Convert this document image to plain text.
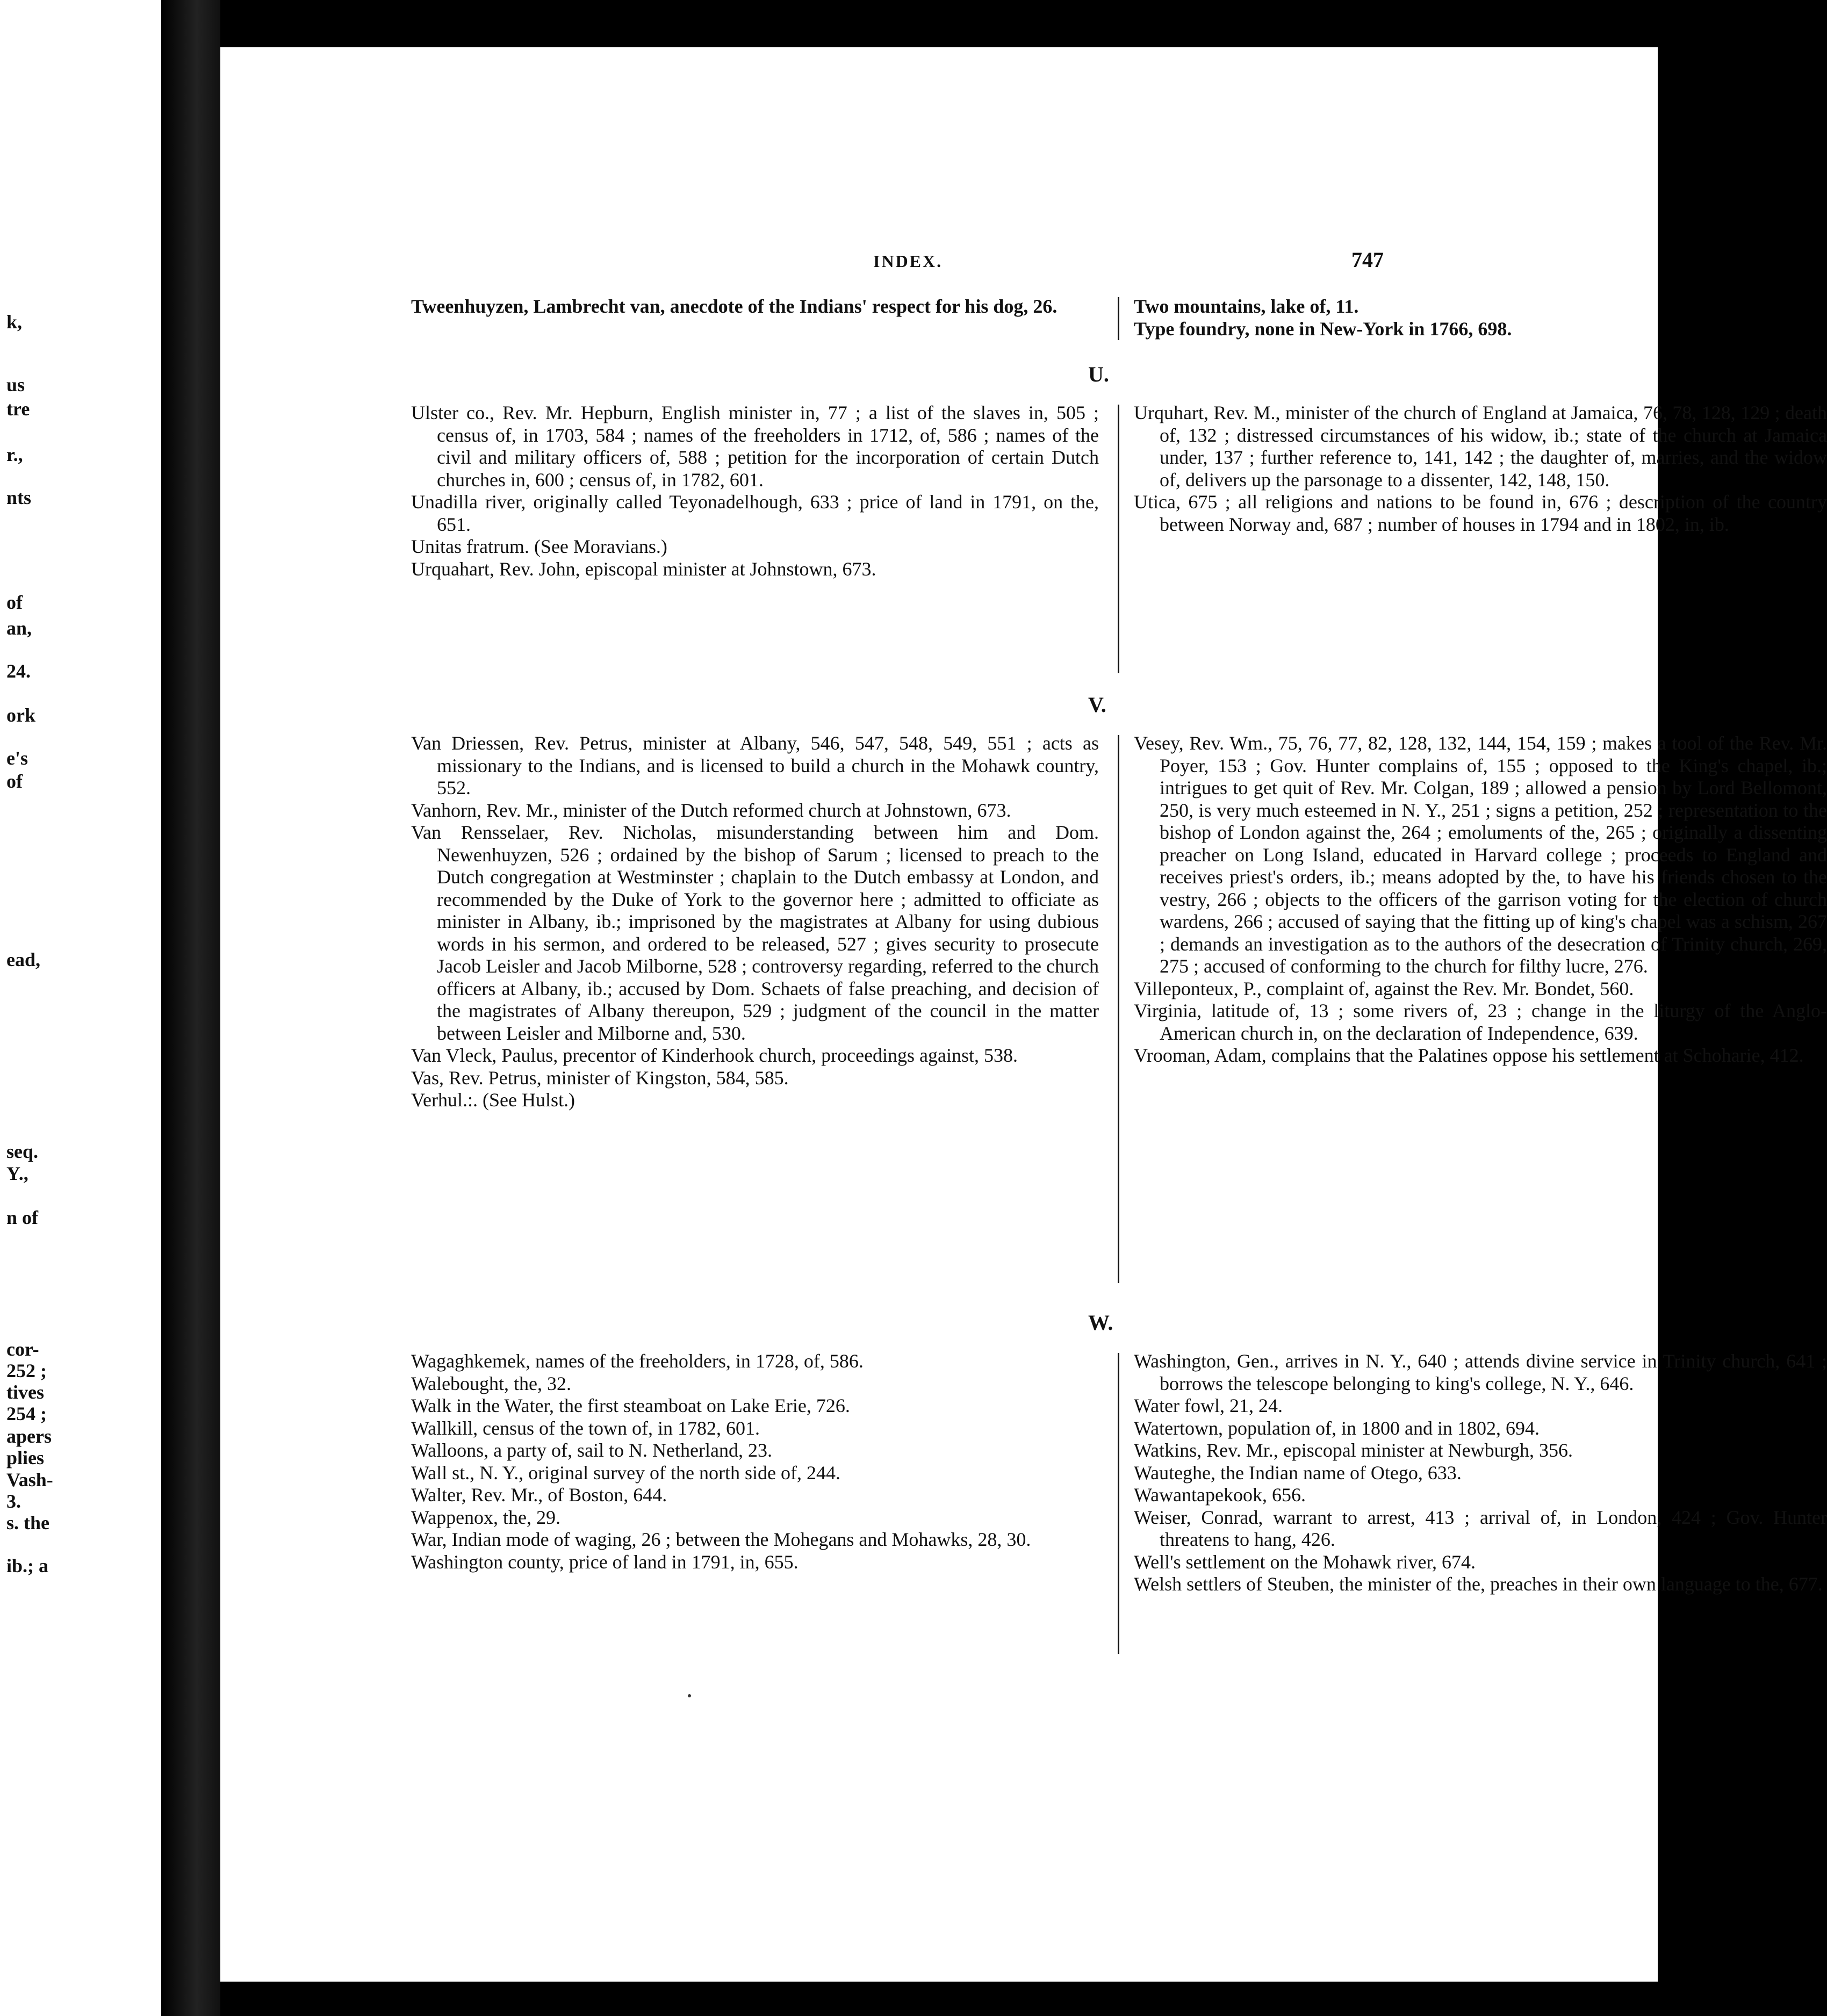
k,
us
tre
r.,
nts
of
an,
24.
ork
e's
of
ead,
seq.
Y.,
n of
cor-
252 ;
tives
254 ;
apers
plies
Vash-
3.
s. the
ib.; a
INDEX.	747

Tweenhuyzen, Lambrecht van, anecdote of the Indians' respect for his dog, 26.	Two mountains, lake of, 11.

Type foundry, none in New-York in 1766, 698.

U.

Ulster co., Rev. Mr. Hepburn, English minister in, 77 ; a list of the slaves in, 505 ; census of, in 1703, 584 ; names of the freeholders in 1712, of, 586 ; names of the civil and military officers of, 588 ; petition for the incorporation of certain Dutch churches in, 600 ; census of, in 1782, 601.

Unadilla river, originally called Teyonadelhough, 633 ; price of land in 1791, on the, 651.

Unitas fratrum. (See Moravians.)

Urquahart, Rev. John, episcopal minister at Johnstown, 673.

Urquhart, Rev. M., minister of the church of England at Jamaica, 76, 78, 128, 129 ; death of, 132 ; distressed circumstances of his widow, ib.; state of the church at Jamaica under, 137 ; further reference to, 141, 142 ; the daughter of, marries, and the widow of, delivers up the parsonage to a dissenter, 142, 148, 150.

Utica, 675 ; all religions and nations to be found in, 676 ; description of the country between Norway and, 687 ; number of houses in 1794 and in 1802, in, ib.

V.

Van Driessen, Rev. Petrus, minister at Albany, 546, 547, 548, 549, 551 ; acts as missionary to the Indians, and is licensed to build a church in the Mohawk country, 552.

Vanhorn, Rev. Mr., minister of the Dutch reformed church at Johnstown, 673.

Van Rensselaer, Rev. Nicholas, misunderstanding between him and Dom. Newenhuyzen, 526 ; ordained by the bishop of Sarum ; licensed to preach to the Dutch congregation at Westminster ; chaplain to the Dutch embassy at London, and recommended by the Duke of York to the governor here ; admitted to officiate as minister in Albany, ib.; imprisoned by the magistrates at Albany for using dubious words in his sermon, and ordered to be released, 527 ; gives security to prosecute Jacob Leisler and Jacob Milborne, 528 ; controversy regarding, referred to the church officers at Albany, ib.; accused by Dom. Schaets of false preaching, and decision of the magistrates of Albany thereupon, 529 ; judgment of the council in the matter between Leisler and Milborne and, 530.

Van Vleck, Paulus, precentor of Kinderhook church, proceedings against, 538.

Vas, Rev. Petrus, minister of Kingston, 584, 585.

Verhul.:. (See Hulst.)

Vesey, Rev. Wm., 75, 76, 77, 82, 128, 132, 144, 154, 159 ; makes a tool of the Rev. Mr. Poyer, 153 ; Gov. Hunter complains of, 155 ; opposed to the King's chapel, ib.; intrigues to get quit of Rev. Mr. Colgan, 189 ; allowed a pension by Lord Bellomont, 250, is very much esteemed in N. Y., 251 ; signs a petition, 252 ; representation to the bishop of London against the, 264 ; emoluments of the, 265 ; originally a dissenting preacher on Long Island, educated in Harvard college ; proceeds to England and receives priest's orders, ib.; means adopted by the, to have his friends chosen to the vestry, 266 ; objects to the officers of the garrison voting for the election of church wardens, 266 ; accused of saying that the fitting up of king's chapel was a schism, 267 ; demands an investigation as to the authors of the desecration of Trinity church, 269, 275 ; accused of conforming to the church for filthy lucre, 276.

Villeponteux, P., complaint of, against the Rev. Mr. Bondet, 560.

Virginia, latitude of, 13 ; some rivers of, 23 ; change in the liturgy of the Anglo-American church in, on the declaration of Independence, 639.

Vrooman, Adam, complains that the Palatines oppose his settlement at Schoharie, 412.

W.

Wagaghkemek, names of the freeholders, in 1728, of, 586.

Walebought, the, 32.

Walk in the Water, the first steamboat on Lake Erie, 726.

Wallkill, census of the town of, in 1782, 601.

Walloons, a party of, sail to N. Netherland, 23.

Wall st., N. Y., original survey of the north side of, 244.

Walter, Rev. Mr., of Boston, 644.

Wappenox, the, 29.

War, Indian mode of waging, 26 ; between the Mohegans and Mohawks, 28, 30.

Washington county, price of land in 1791, in, 655.

Washington, Gen., arrives in N. Y., 640 ; attends divine service in Trinity church, 641 ; borrows the telescope belonging to king's college, N. Y., 646.

Water fowl, 21, 24.

Watertown, population of, in 1800 and in 1802, 694.

Watkins, Rev. Mr., episcopal minister at Newburgh, 356.

Wauteghe, the Indian name of Otego, 633.

Wawantapekook, 656.

Weiser, Conrad, warrant to arrest, 413 ; arrival of, in London, 424 ; Gov. Hunter threatens to hang, 426.

Well's settlement on the Mohawk river, 674.

Welsh settlers of Steuben, the minister of the, preaches in their own language to the, 677.
